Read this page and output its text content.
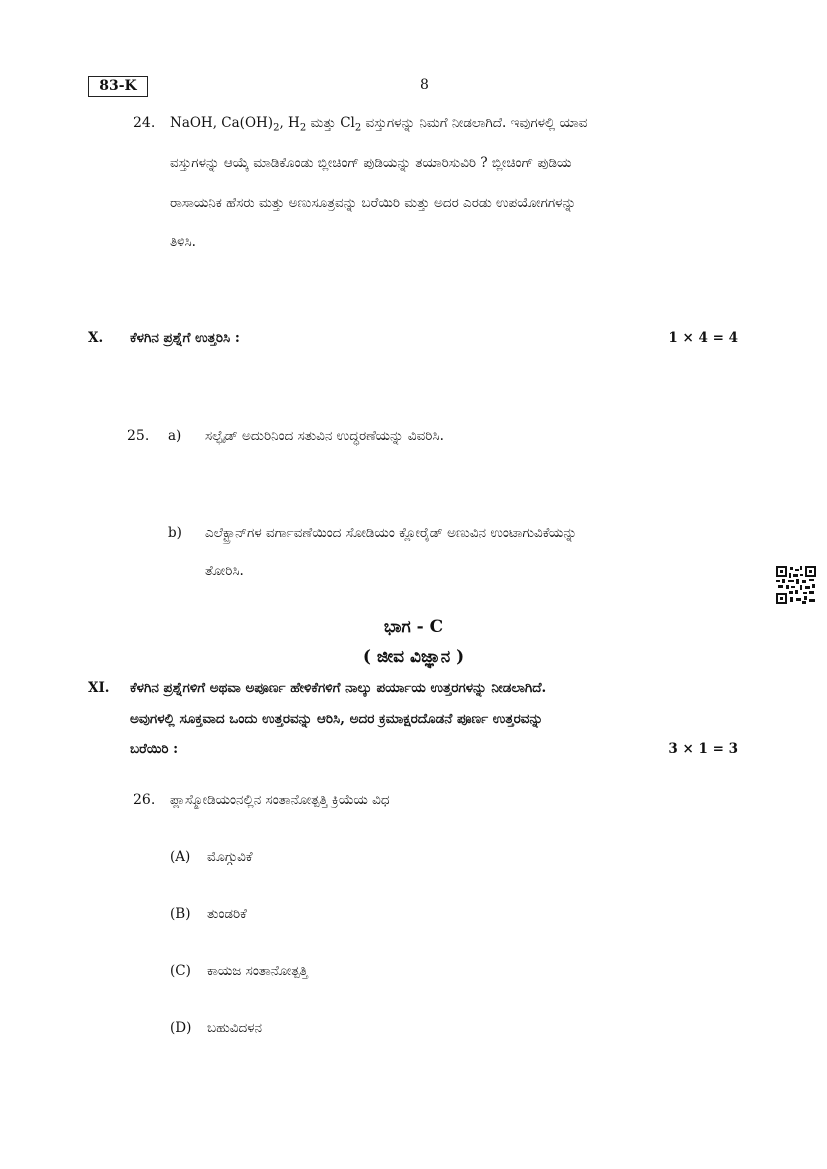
83-K	8
24. NaOH, $Ca(OH)_2$, $H_2$ ಮತ್ತು $Cl_2$ ವಸ್ತುಗಳನ್ನು ನಿಮಗೆ ನೀಡಲಾಗಿದೆ. ಇವುಗಳಲ್ಲಿ ಯಾವ
ವಸ್ತುಗಳನ್ನು ಆಯ್ಕೆ ಮಾಡಿಕೊಂಡು ಬ್ಲೀಚಿಂಗ್ ಪುಡಿಯನ್ನು ತಯಾರಿಸುವಿರಿ ? ಬ್ಲೀಚಿಂಗ್ ಪುಡಿಯ
ರಾಸಾಯನಿಕ ಹೆಸರು ಮತ್ತು ಅಣುಸೂತ್ರವನ್ನು ಬರೆಯಿರಿ ಮತ್ತು ಅದರ ಎರಡು ಉಪಯೋಗಗಳನ್ನು
ತಿಳಿಸಿ.
X. ಕೆಳಗಿನ ಪ್ರಶ್ನೆಗೆ ಉತ್ತರಿಸಿ :	1 × 4 = 4
25. a) ಸಲ್ಫೈಡ್ ಅದುರಿನಿಂದ ಸತುವಿನ ಉದ್ಧರಣೆಯನ್ನು ವಿವರಿಸಿ.
b) ಎಲೆಕ್ಟ್ರಾನ್‌ಗಳ ವರ್ಗಾವಣೆಯಿಂದ ಸೋಡಿಯಂ ಕ್ಲೋರೈಡ್ ಅಣುವಿನ ಉಂಟಾಗುವಿಕೆಯನ್ನು
ತೋರಿಸಿ.
ಭಾಗ - C
( ಜೀವ ವಿಜ್ಞಾನ )
XI. ಕೆಳಗಿನ ಪ್ರಶ್ನೆಗಳಿಗೆ ಅಥವಾ ಅಪೂರ್ಣ ಹೇಳಿಕೆಗಳಿಗೆ ನಾಲ್ಕು ಪರ್ಯಾಯ ಉತ್ತರಗಳನ್ನು ನೀಡಲಾಗಿದೆ.
ಅವುಗಳಲ್ಲಿ ಸೂಕ್ತವಾದ ಒಂದು ಉತ್ತರವನ್ನು ಆರಿಸಿ, ಅದರ ಕ್ರಮಾಕ್ಷರದೊಡನೆ ಪೂರ್ಣ ಉತ್ತರವನ್ನು
ಬರೆಯಿರಿ :	3 × 1 = 3
26. ಪ್ಲಾಸ್ಮೋಡಿಯಂನಲ್ಲಿನ ಸಂತಾನೋತ್ಪತ್ತಿ ಕ್ರಿಯೆಯ ವಿಧ
(A) ಮೊಗ್ಗುವಿಕೆ
(B) ತುಂಡರಿಕೆ
(C) ಕಾಯಜ ಸಂತಾನೋತ್ಪತ್ತಿ
(D) ಬಹುವಿದಳನ
